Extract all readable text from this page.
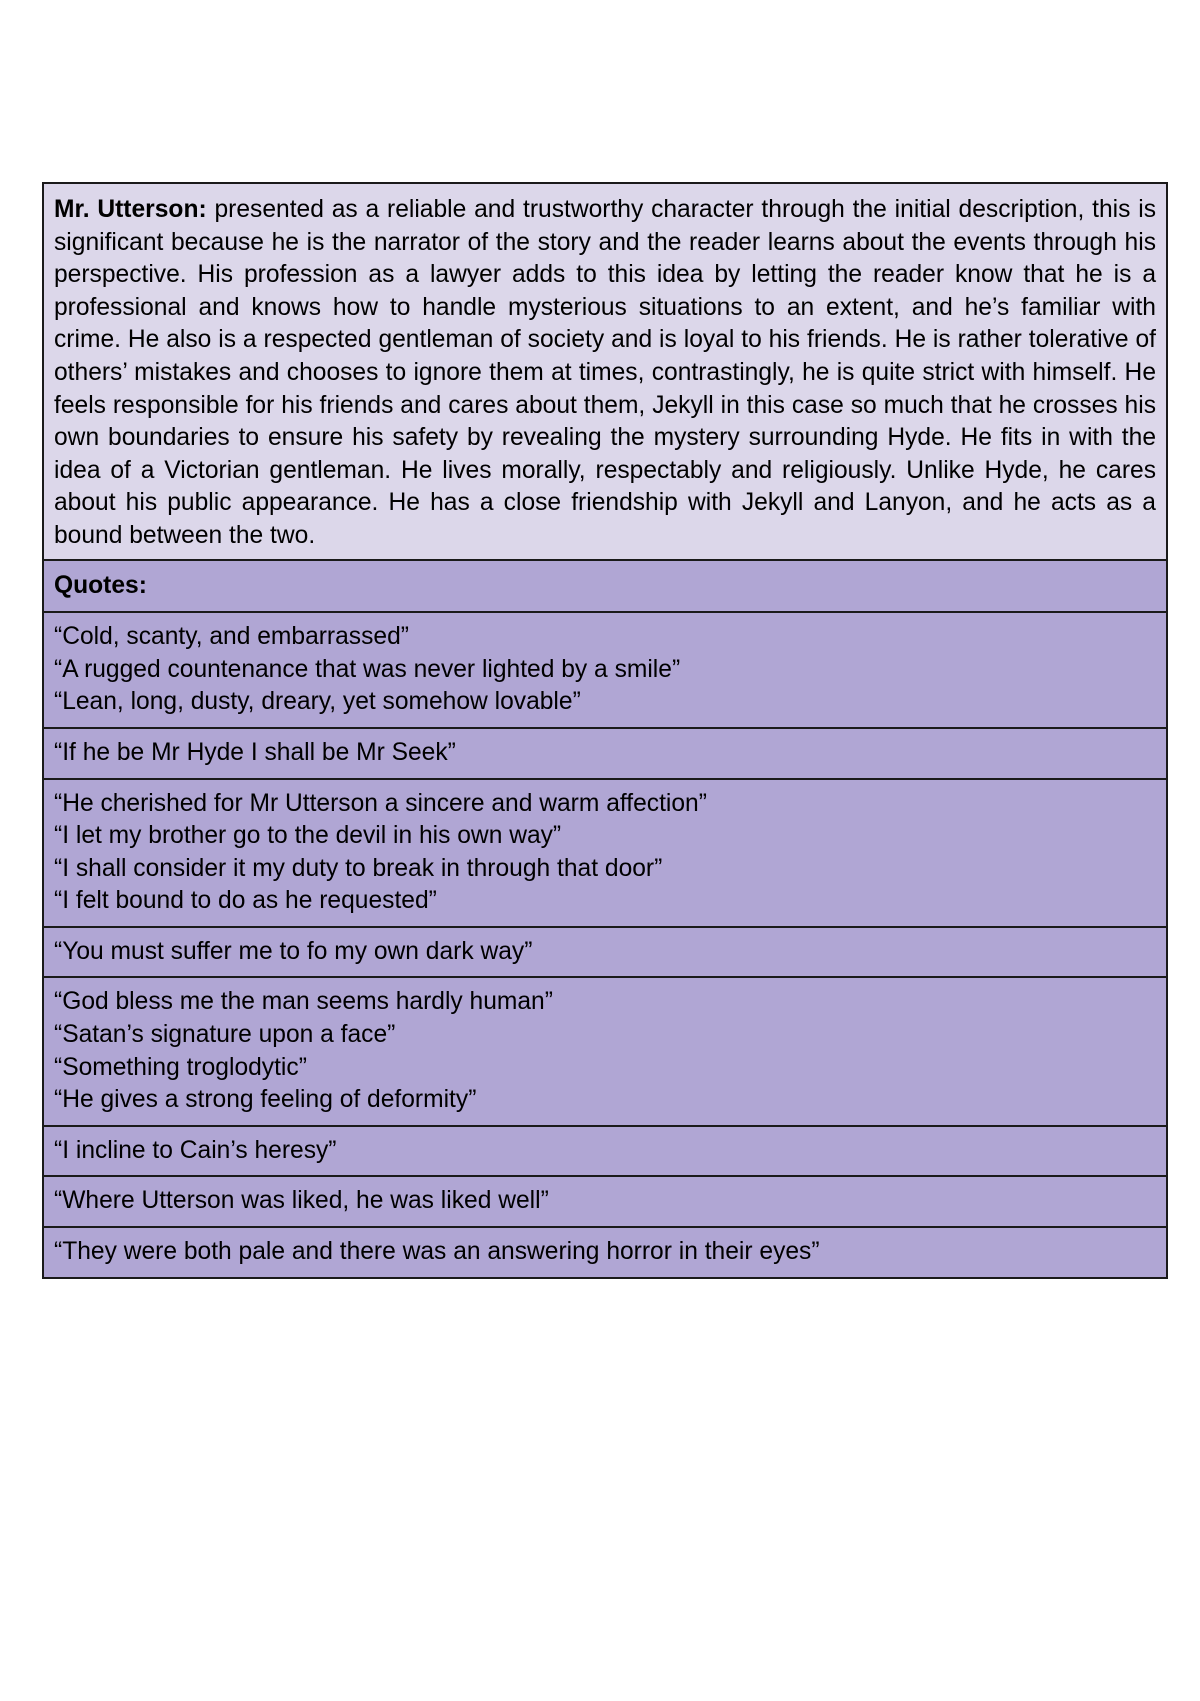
Mr. Utterson: presented as a reliable and trustworthy character through the initial description, this is significant because he is the narrator of the story and the reader learns about the events through his perspective. His profession as a lawyer adds to this idea by letting the reader know that he is a professional and knows how to handle mysterious situations to an extent, and he’s familiar with crime. He also is a respected gentleman of society and is loyal to his friends. He is rather tolerative of others’ mistakes and chooses to ignore them at times, contrastingly, he is quite strict with himself. He feels responsible for his friends and cares about them, Jekyll in this case so much that he crosses his own boundaries to ensure his safety by revealing the mystery surrounding Hyde. He fits in with the idea of a Victorian gentleman. He lives morally, respectably and religiously. Unlike Hyde, he cares about his public appearance. He has a close friendship with Jekyll and Lanyon, and he acts as a bound between the two.
Quotes:
“Cold, scanty, and embarrassed”
“A rugged countenance that was never lighted by a smile”
“Lean, long, dusty, dreary, yet somehow lovable”
“If he be Mr Hyde I shall be Mr Seek”
“He cherished for Mr Utterson a sincere and warm affection”
“I let my brother go to the devil in his own way”
“I shall consider it my duty to break in through that door”
“I felt bound to do as he requested”
“You must suffer me to fo my own dark way”
“God bless me the man seems hardly human”
“Satan’s signature upon a face”
“Something troglodytic”
“He gives a strong feeling of deformity”
“I incline to Cain’s heresy”
“Where Utterson was liked, he was liked well”
“They were both pale and there was an answering horror in their eyes”
